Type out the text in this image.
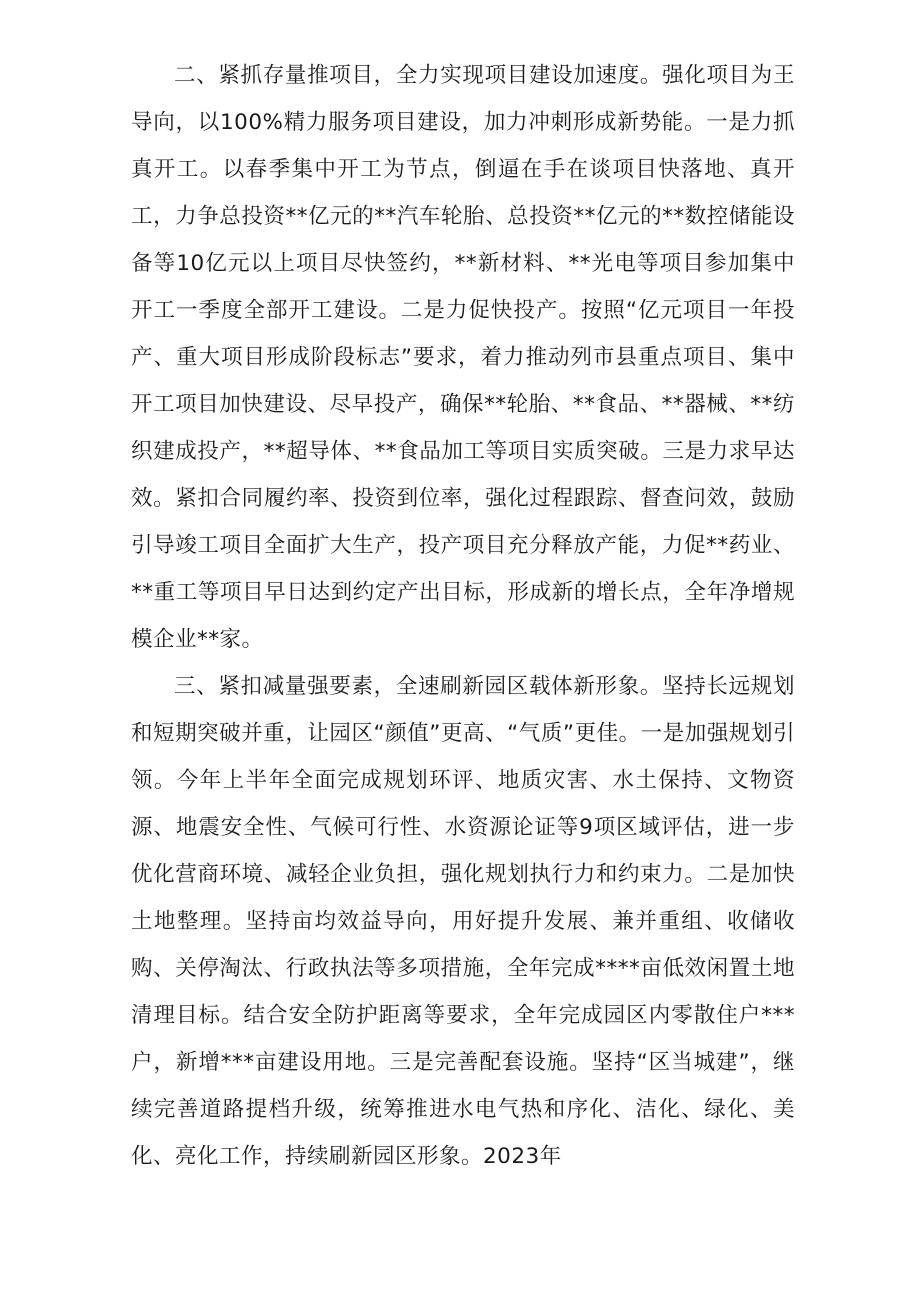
二、紧抓存量推项目，全力实现项目建设加速度。强化项目为王导向，以100%精力服务项目建设，加力冲刺形成新势能。一是力抓真开工。以春季集中开工为节点，倒逼在手在谈项目快落地、真开工，力争总投资**亿元的**汽车轮胎、总投资**亿元的**数控储能设备等10亿元以上项目尽快签约，**新材料、**光电等项目参加集中开工一季度全部开工建设。二是力促快投产。按照“亿元项目一年投产、重大项目形成阶段标志”要求，着力推动列市县重点项目、集中开工项目加快建设、尽早投产，确保**轮胎、**食品、**器械、**纺织建成投产，**超导体、**食品加工等项目实质突破。三是力求早达效。紧扣合同履约率、投资到位率，强化过程跟踪、督查问效，鼓励引导竣工项目全面扩大生产，投产项目充分释放产能，力促**药业、**重工等项目早日达到约定产出目标，形成新的增长点，全年净增规模企业**家。

三、紧扣减量强要素，全速刷新园区载体新形象。坚持长远规划和短期突破并重，让园区“颜值”更高、“气质”更佳。一是加强规划引领。今年上半年全面完成规划环评、地质灾害、水土保持、文物资源、地震安全性、气候可行性、水资源论证等9项区域评估，进一步优化营商环境、减轻企业负担，强化规划执行力和约束力。二是加快土地整理。坚持亩均效益导向，用好提升发展、兼并重组、收储收购、关停淘汰、行政执法等多项措施，全年完成****亩低效闲置土地清理目标。结合安全防护距离等要求，全年完成园区内零散住户***户，新增***亩建设用地。三是完善配套设施。坚持“区当城建”，继续完善道路提档升级，统筹推进水电气热和序化、洁化、绿化、美化、亮化工作，持续刷新园区形象。2023年
